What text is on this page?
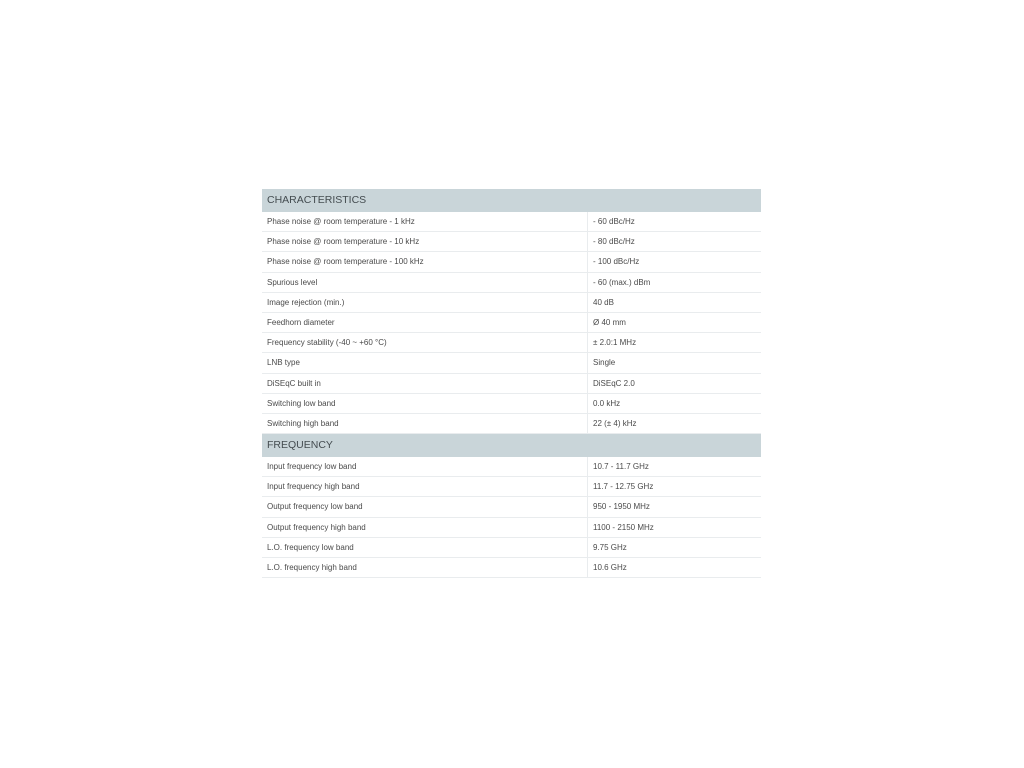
CHARACTERISTICS
Phase noise @ room temperature - 1 kHz	- 60 dBc/Hz
Phase noise @ room temperature - 10 kHz	- 80 dBc/Hz
Phase noise @ room temperature - 100 kHz	- 100 dBc/Hz
Spurious level	- 60 (max.) dBm
Image rejection (min.)	40 dB
Feedhorn diameter	Ø 40 mm
Frequency stability (-40 ~ +60 °C)	± 2.0:1 MHz
LNB type	Single
DiSEqC built in	DiSEqC 2.0
Switching low band	0.0 kHz
Switching high band	22 (± 4) kHz
FREQUENCY
Input frequency low band	10.7 - 11.7 GHz
Input frequency high band	11.7 - 12.75 GHz
Output frequency low band	950 - 1950 MHz
Output frequency high band	1100 - 2150 MHz
L.O. frequency low band	9.75 GHz
L.O. frequency high band	10.6 GHz
